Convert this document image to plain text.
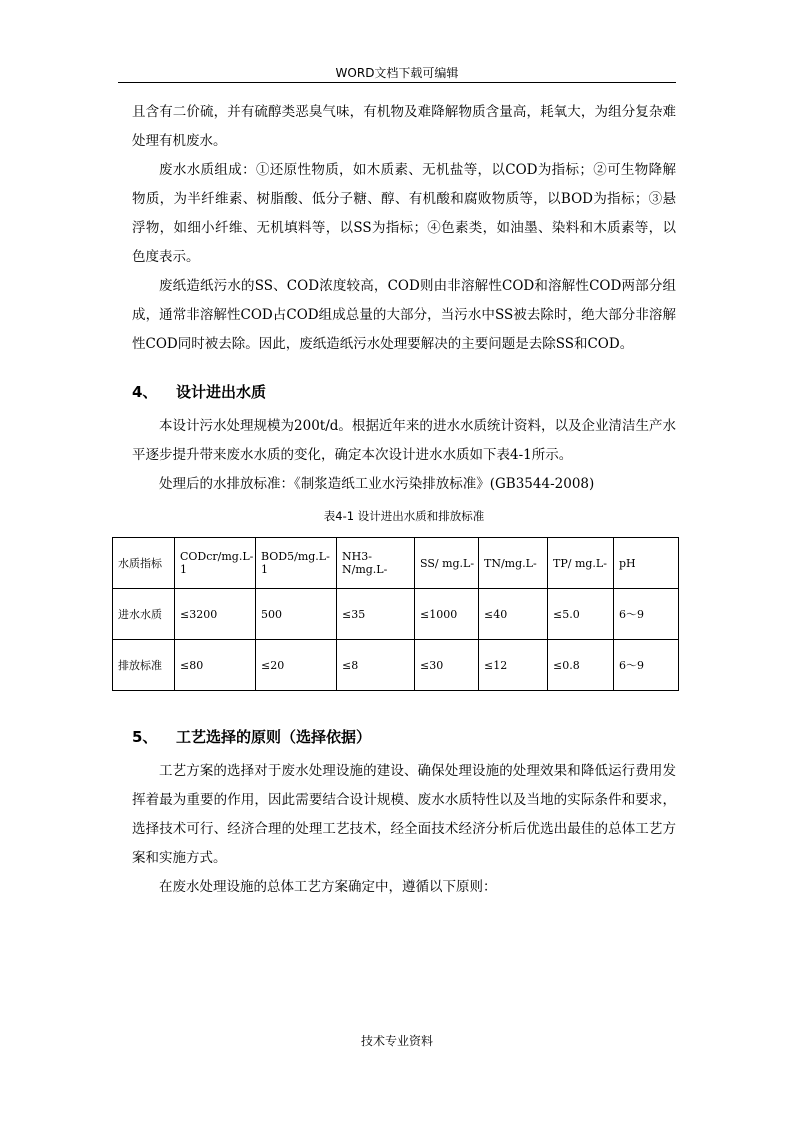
WORD文档下载可编辑

且含有二价硫，并有硫醇类恶臭气味，有机物及难降解物质含量高，耗氧大，为组分复杂难处理有机废水。

废水水质组成：①还原性物质，如木质素、无机盐等，以COD为指标；②可生物降解物质，为半纤维素、树脂酸、低分子糖、醇、有机酸和腐败物质等，以BOD为指标；③悬浮物，如细小纤维、无机填料等，以SS为指标；④色素类，如油墨、染料和木质素等，以色度表示。

废纸造纸污水的SS、COD浓度较高，COD则由非溶解性COD和溶解性COD两部分组成，通常非溶解性COD占COD组成总量的大部分，当污水中SS被去除时，绝大部分非溶解性COD同时被去除。因此，废纸造纸污水处理要解决的主要问题是去除SS和COD。

4、 设计进出水质

本设计污水处理规模为200t/d。根据近年来的进水水质统计资料，以及企业清洁生产水平逐步提升带来废水水质的变化，确定本次设计进水水质如下表4-1所示。

处理后的水排放标准：《制浆造纸工业水污染排放标准》(GB3544-2008)

表4-1 设计进出水质和排放标准
水质指标	CODcr/mg.L-1	BOD5/mg.L-1	NH3-N/mg.L-	SS/ mg.L-	TN/mg.L-	TP/ mg.L-	pH
进水水质	≤3200	500	≤35	≤1000	≤40	≤5.0	6～9
排放标准	≤80	≤20	≤8	≤30	≤12	≤0.8	6～9
5、 工艺选择的原则（选择依据）

工艺方案的选择对于废水处理设施的建设、确保处理设施的处理效果和降低运行费用发挥着最为重要的作用，因此需要结合设计规模、废水水质特性以及当地的实际条件和要求，选择技术可行、经济合理的处理工艺技术，经全面技术经济分析后优选出最佳的总体工艺方案和实施方式。

在废水处理设施的总体工艺方案确定中，遵循以下原则：

技术专业资料
